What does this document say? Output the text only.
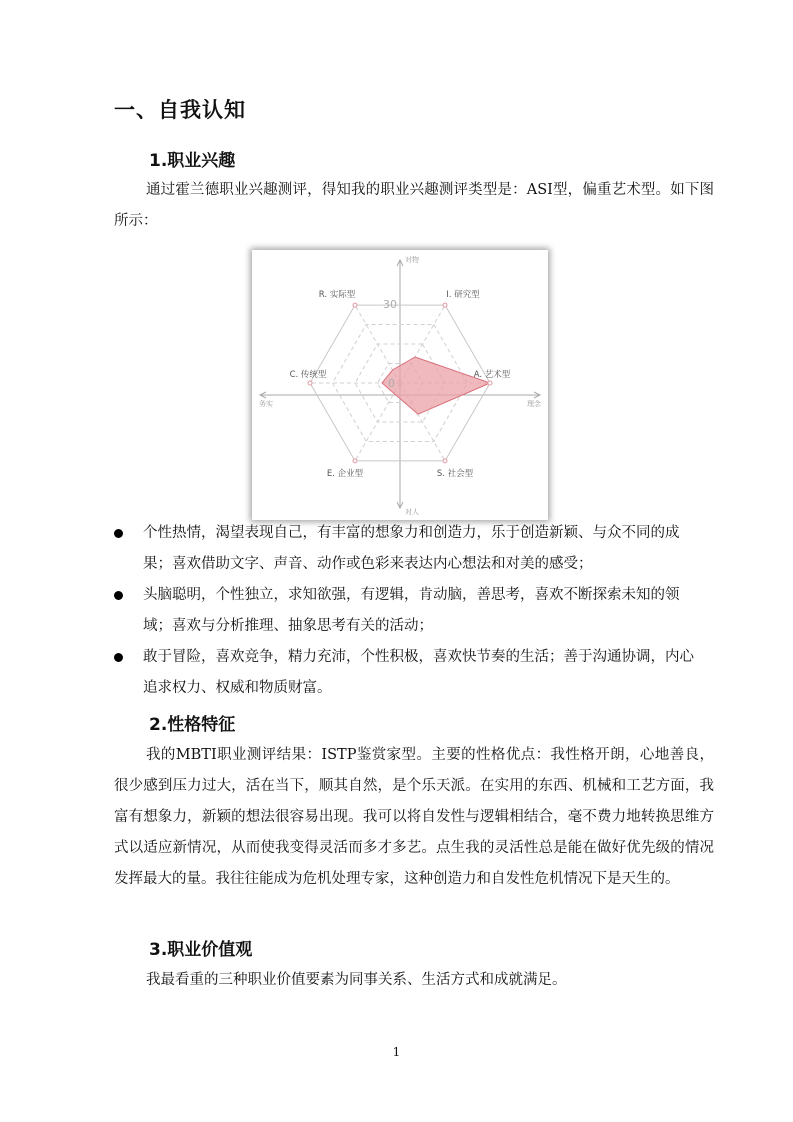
一、自我认知
1.职业兴趣
通过霍兰德职业兴趣测评，得知我的职业兴趣测评类型是：ASI型，偏重艺术型。如下图所示：
I. 研究型
A. 艺术型
S. 社会型
E. 企业型
C. 传统型
R. 实际型
0
30
对物
对人
务实	理念
个性热情，渴望表现自己，有丰富的想象力和创造力，乐于创造新颖、与众不同的成果；喜欢借助文字、声音、动作或色彩来表达内心想法和对美的感受；
头脑聪明，个性独立，求知欲强，有逻辑，肯动脑，善思考，喜欢不断探索未知的领域；喜欢与分析推理、抽象思考有关的活动；
敢于冒险，喜欢竞争，精力充沛，个性积极，喜欢快节奏的生活；善于沟通协调，内心追求权力、权威和物质财富。
2.性格特征
我的MBTI职业测评结果：ISTP鉴赏家型。主要的性格优点：我性格开朗，心地善良，很少感到压力过大，活在当下，顺其自然，是个乐天派。在实用的东西、机械和工艺方面，我富有想象力，新颖的想法很容易出现。我可以将自发性与逻辑相结合，毫不费力地转换思维方式以适应新情况，从而使我变得灵活而多才多艺。点生我的灵活性总是能在做好优先级的情况发挥最大的量。我往往能成为危机处理专家，这种创造力和自发性危机情况下是天生的。
3.职业价值观
我最看重的三种职业价值要素为同事关系、生活方式和成就满足。
1
